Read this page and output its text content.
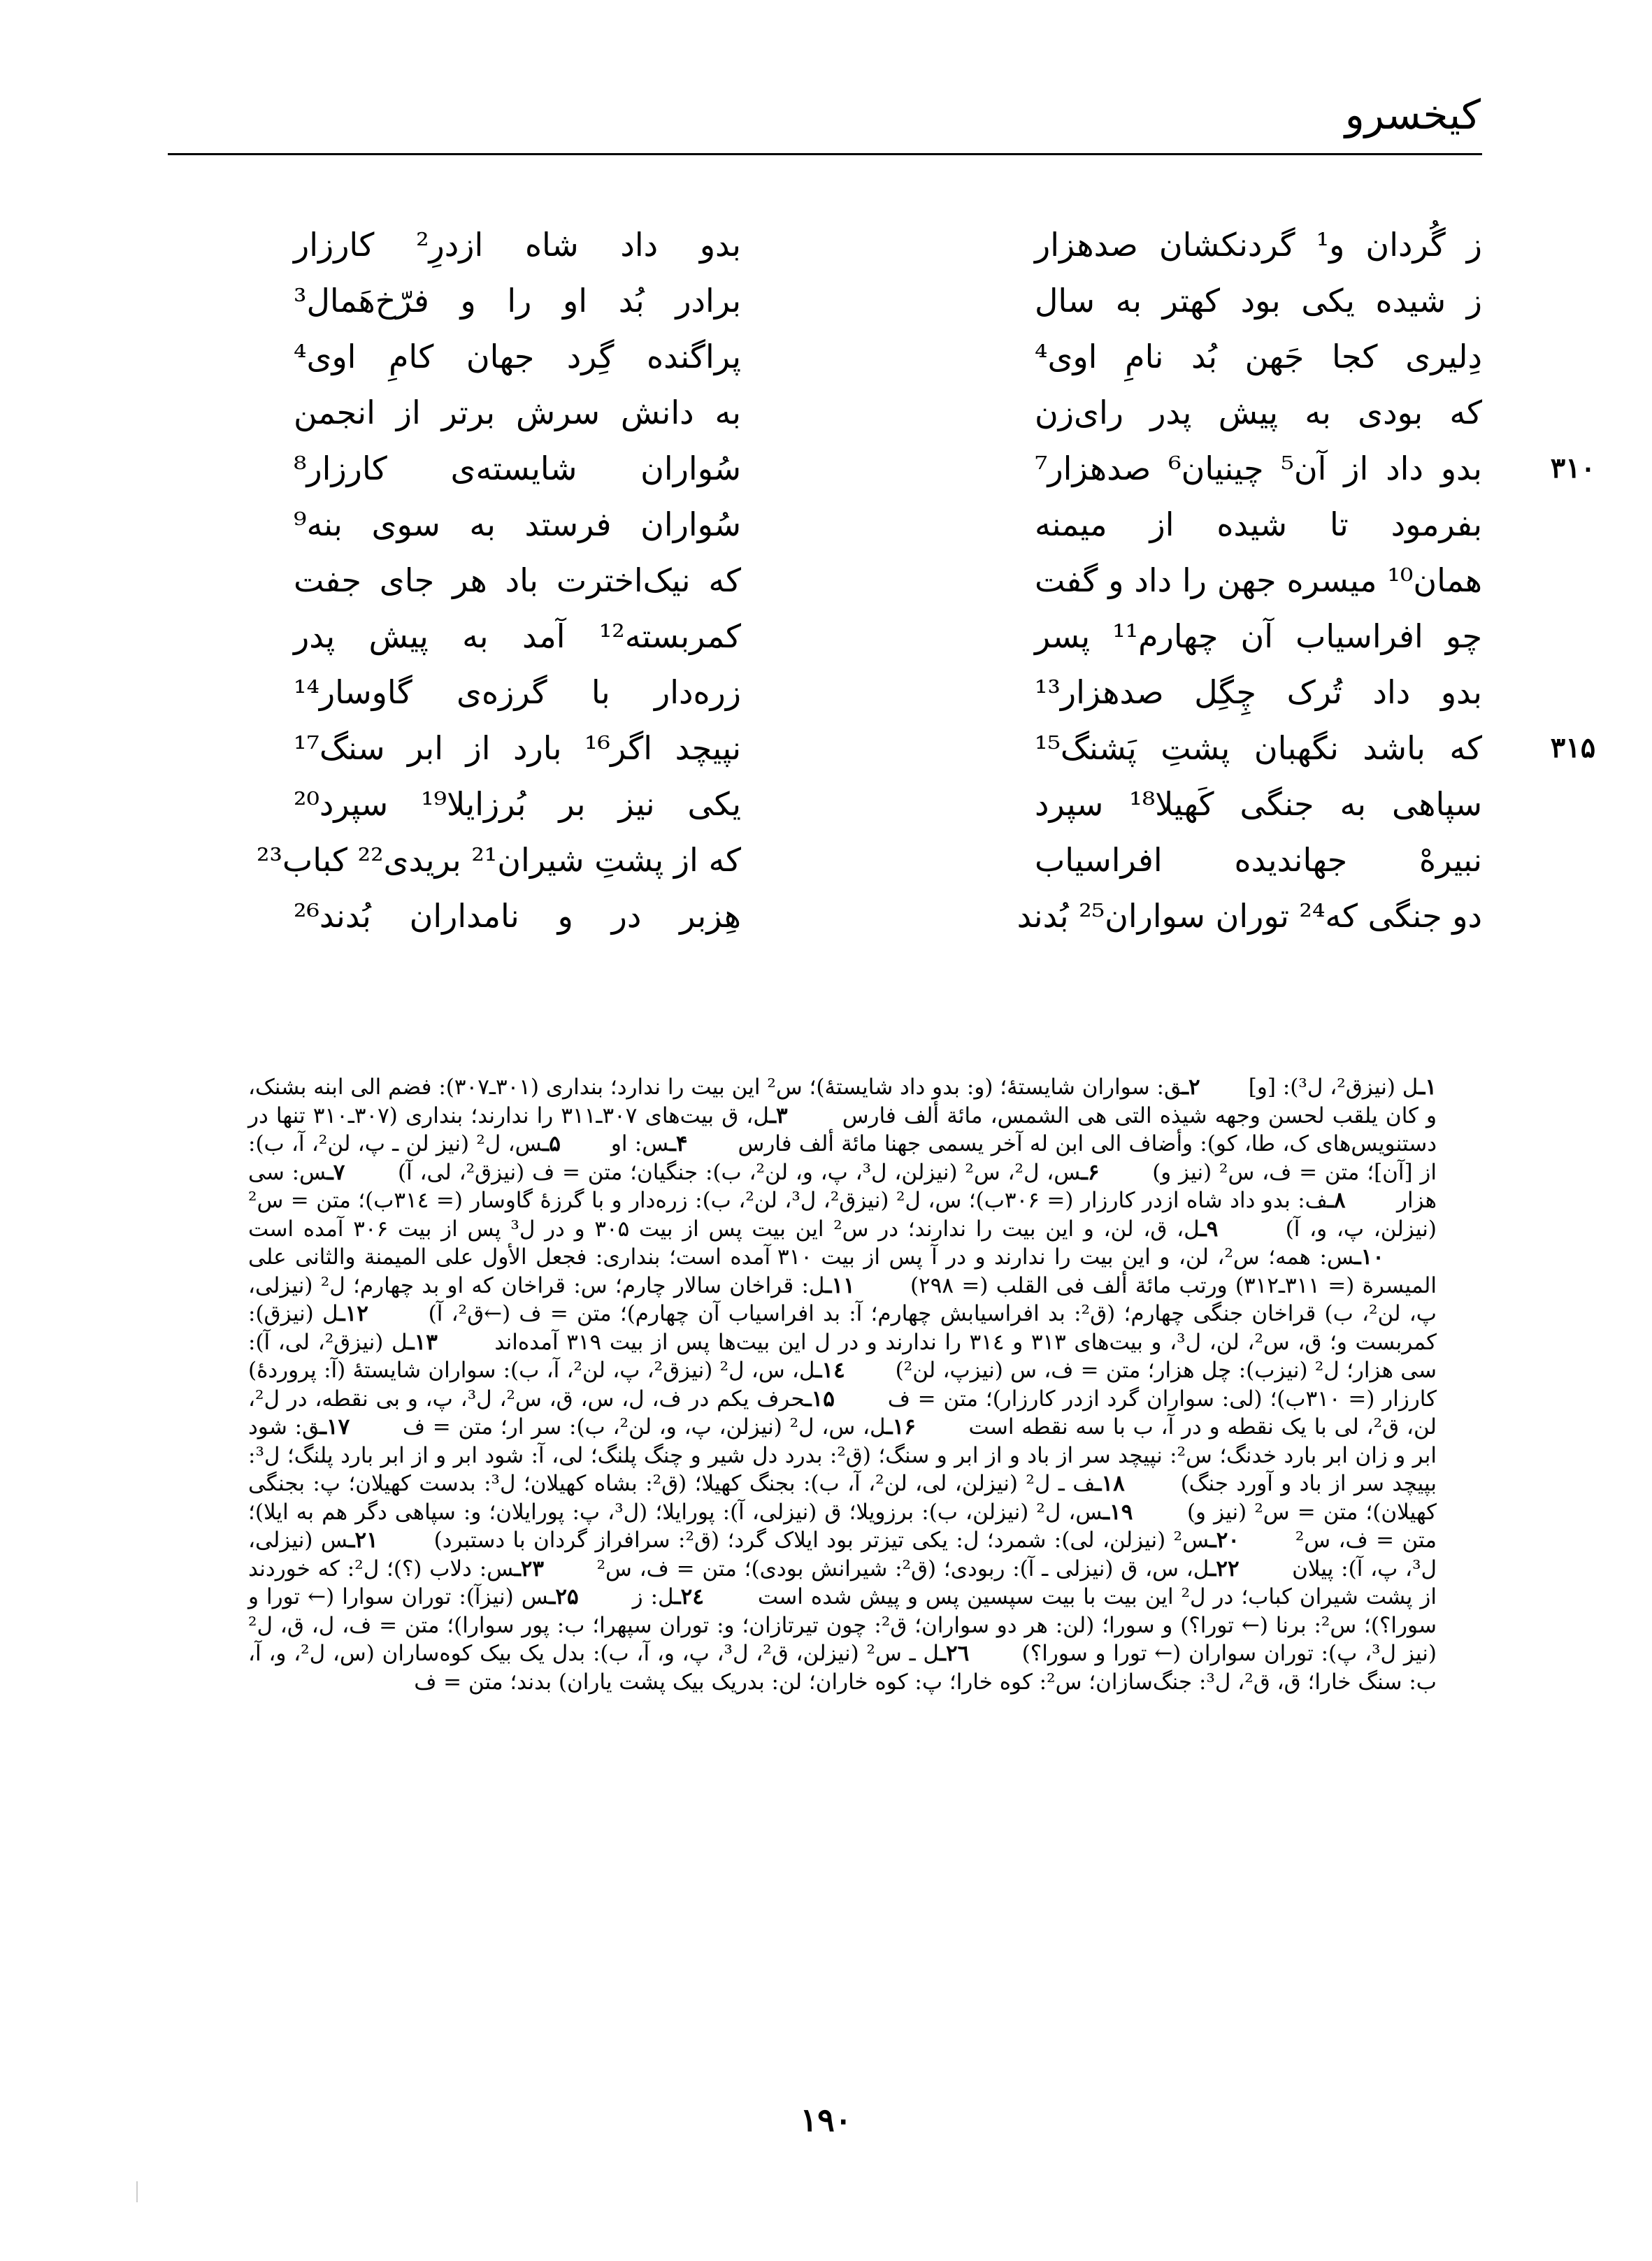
کیخسرو
ز گُردان و¹ گردنکشان صدهزار
بدو داد شاه ازدرِ² کارزار
ز شیده یکی بود کهتر به سال
برادر بُد او را و فرّخ‌هَمال³
دِلیری کجا جَهن بُد نامِ اوی⁴
پراگنده گِرد جهان کامِ اوی⁴
که بودی به پیش پدر رای‌زن
به دانش سرش برتر از انجمن
۳۱۰
بدو داد از آن⁵ چینیان⁶ صدهزار⁷
سُواران شایسته‌ی کارزار⁸
بفرمود تا شیده از میمنه
سُواران فرستد به سوی بنه⁹
همان¹⁰ میسره جهن را داد و گفت
که نیک‌اخترت باد هر جای جفت
چو افراسیاب آن چهارم¹¹ پسر
کمربسته¹² آمد به پیش پدر
بدو داد تُرک چِگِل صدهزار¹³
زره‌دار با گرزه‌ی گاوسار¹⁴
۳۱۵
که باشد نگهبان پشتِ پَشنگ¹⁵
نپیچد اگر¹⁶ بارد از ابر سنگ¹⁷
سپاهی به جنگی کَهیلا¹⁸ سپرد
یکی نیز بر بُرزایلا¹⁹ سپرد²⁰
نبیرهْ جهاندیده افراسیاب
که از پشتِ شیران²¹ بریدی²² کباب²³
دو جنگی که²⁴ توران سواران²⁵ بُدند
هِزبر در و نامداران بُدند²⁶
۱ـل (نیزق²، ل³): [و] ۲ـق: سواران شایستهٔ؛ (و: بدو داد شایستهٔ)؛ س² این بیت را ندارد؛ بنداری (۳۰۱ـ۳۰۷): فضم الی ابنه بشنک، و کان یلقب لحسن وجهه شیذه التی هی الشمس، مائة ألف فارس ۳ـل، ق بیت‌های ۳۰۷ـ۳۱۱ را ندارند؛ بنداری (۳۰۷ـ۳۱۰ تنها در دستنویس‌های ک، طا، کو): وأضاف الی ابن له آخر یسمی جهنا مائة ألف فارس ۴ـس: او ۵ـس، ل² (نیز لن ـ پ، لن²، آ، ب): از [آن]؛ متن = ف، س² (نیز و) ۶ـس، ل²، س² (نیزلن، ل³، پ، و، لن²، ب): جنگیان؛ متن = ف (نیزق²، لی، آ) ۷ـس: سی هزار ۸ـف: بدو داد شاه ازدر کارزار (= ۳۰۶ب)؛ س، ل² (نیزق²، ل³، لن²، ب): زره‌دار و با گرزهٔ گاوسار (= ۳۱٤ب)؛ متن = س² (نیزلن، پ، و، آ) ۹ـل، ق، لن، و این بیت را ندارند؛ در س² این بیت پس از بیت ۳۰۵ و در ل³ پس از بیت ۳۰۶ آمده است ۱۰ـس: همه؛ س²، لن، و این بیت را ندارند و در آ پس از بیت ۳۱۰ آمده است؛ بنداری: فجعل الأول علی المیمنة والثانی علی المیسرة (= ۳۱۱ـ۳۱۲) ورتب مائة ألف فی القلب (= ۲۹۸) ۱۱ـل: قراخان سالار چارم؛ س: قراخان که او بد چهارم؛ ل² (نیزلی، پ، لن²، ب) قراخان جنگی چهارم؛ (ق²: بد افراسیابش چهارم؛ آ: بد افراسیاب آن چهارم)؛ متن = ف (←ق²، آ) ۱۲ـل (نیزق): کمربست و؛ ق، س²، لن، ل³، و بیت‌های ۳۱۳ و ۳۱٤ را ندارند و در ل این بیت‌ها پس از بیت ۳۱۹ آمده‌اند ۱۳ـل (نیزق²، لی، آ): سی هزار؛ ل² (نیزب): چل هزار؛ متن = ف، س (نیزپ، لن²) ۱٤ـل، س، ل² (نیزق²، پ، لن²، آ، ب): سواران شایستهٔ (آ: پروردهٔ) کارزار (= ۳۱۰ب)؛ (لی: سواران گرد ازدر کارزار)؛ متن = ف ۱۵ـحرف یکم در ف، ل، س، ق، س²، ل³، پ، و بی نقطه، در ل²، لن، ق²، لی با یک نقطه و در آ، ب با سه نقطه است ۱۶ـل، س، ل² (نیزلن، پ، و، لن²، ب): سر ار؛ متن = ف ۱۷ـق: شود ابر و زان ابر بارد خدنگ؛ س²: نپیچد سر از باد و از ابر و سنگ؛ (ق²: بدرد دل شیر و چنگ پلنگ؛ لی، آ: شود ابر و از ابر بارد پلنگ؛ ل³: بپیچد سر از باد و آورد جنگ) ۱۸ـف ـ ل² (نیزلن، لی، لن²، آ، ب): بجنگ کهیلا؛ (ق²: بشاه کهیلان؛ ل³: بدست کهیلان؛ پ: بجنگی کهیلان)؛ متن = س² (نیز و) ۱۹ـس، ل² (نیزلن، ب): برزویلا؛ ق (نیزلی، آ): پورایلا؛ (ل³، پ: پورایلان؛ و: سپاهی دگر هم به ایلا)؛ متن = ف، س² ۲۰ـس² (نیزلن، لی): شمرد؛ ل: یکی تیزتر بود ایلاک گرد؛ (ق²: سرافراز گردان با دستبرد) ۲۱ـس (نیزلی، ل³، پ، آ): پیلان ۲۲ـل، س، ق (نیزلی ـ آ): ربودی؛ (ق²: شیرانش بودی)؛ متن = ف، س² ۲۳ـس: دلاب (؟)؛ ل²: که خوردند از پشت شیران کباب؛ در ل² این بیت با بیت سپسین پس و پیش شده است ۲٤ـل: ز ۲۵ـس (نیزآ): توران سوارا (← تورا و سورا؟)؛ س²: برنا (← تورا؟) و سورا؛ (لن: هر دو سواران؛ ق²: چون تیرتازان؛ و: توران سپهرا؛ ب: پور سوارا)؛ متن = ف، ل، ق، ل² (نیز ل³، پ): توران سواران (← تورا و سورا؟) ۲٦ـل ـ س² (نیزلن، ق²، ل³، پ، و، آ، ب): بدل یک بیک کوه‌ساران (س، ل²، و، آ، ب: سنگ خارا؛ ق، ق²، ل³: جنگ‌سازان؛ س²: کوه خارا؛ پ: کوه خاران؛ لن: بدریک بیک پشت یاران) بدند؛ متن = ف
۱۹۰
